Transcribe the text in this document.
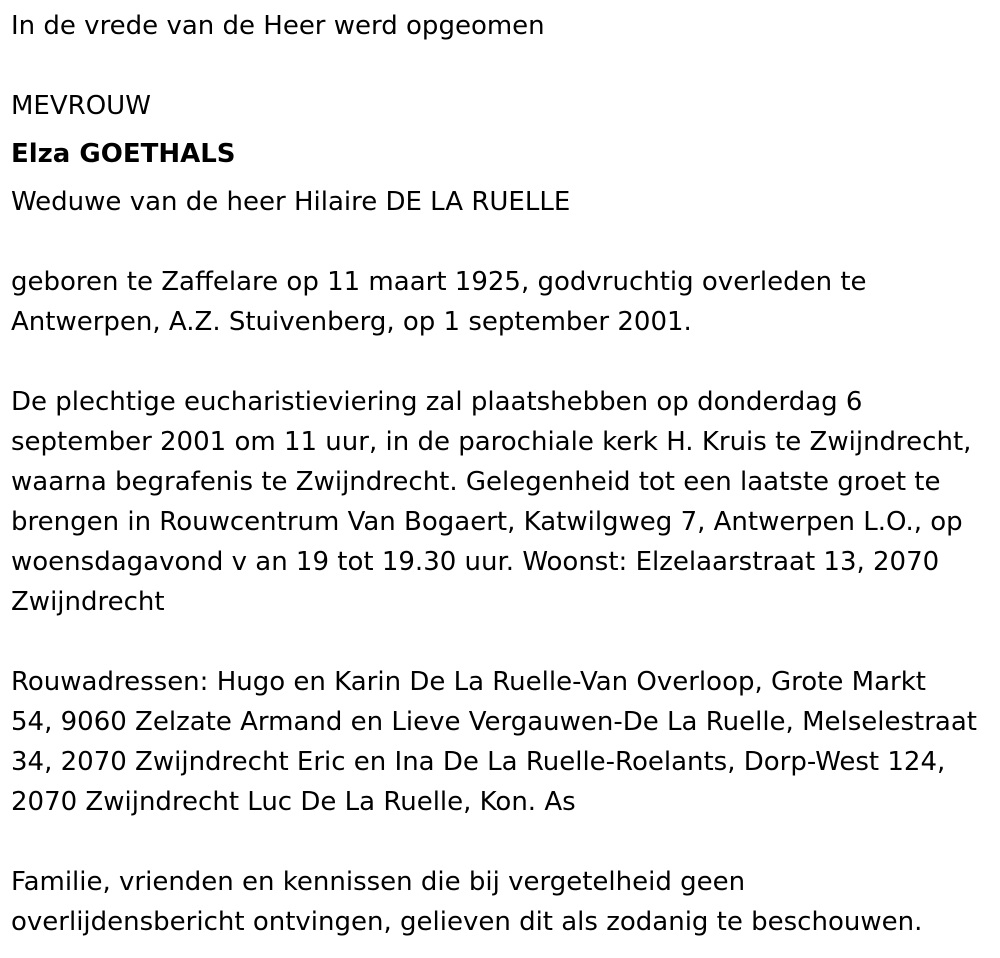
In de vrede van de Heer werd opgeomen

MEVROUW

Elza GOETHALS

Weduwe van de heer Hilaire DE LA RUELLE

geboren te Zaffelare op 11 maart 1925, godvruchtig overleden te

Antwerpen, A.Z. Stuivenberg, op 1 september 2001.

De plechtige eucharistieviering zal plaatshebben op donderdag 6

september 2001 om 11 uur, in de parochiale kerk H. Kruis te Zwijndrecht,

waarna begrafenis te Zwijndrecht. Gelegenheid tot een laatste groet te

brengen in Rouwcentrum Van Bogaert, Katwilgweg 7, Antwerpen L.O., op

woensdagavond v an 19 tot 19.30 uur. Woonst: Elzelaarstraat 13, 2070

Zwijndrecht

Rouwadressen: Hugo en Karin De La Ruelle-Van Overloop, Grote Markt

54, 9060 Zelzate Armand en Lieve Vergauwen-De La Ruelle, Melselestraat

34, 2070 Zwijndrecht Eric en Ina De La Ruelle-Roelants, Dorp-West 124,

2070 Zwijndrecht Luc De La Ruelle, Kon. As

Familie, vrienden en kennissen die bij vergetelheid geen

overlijdensbericht ontvingen, gelieven dit als zodanig te beschouwen.
